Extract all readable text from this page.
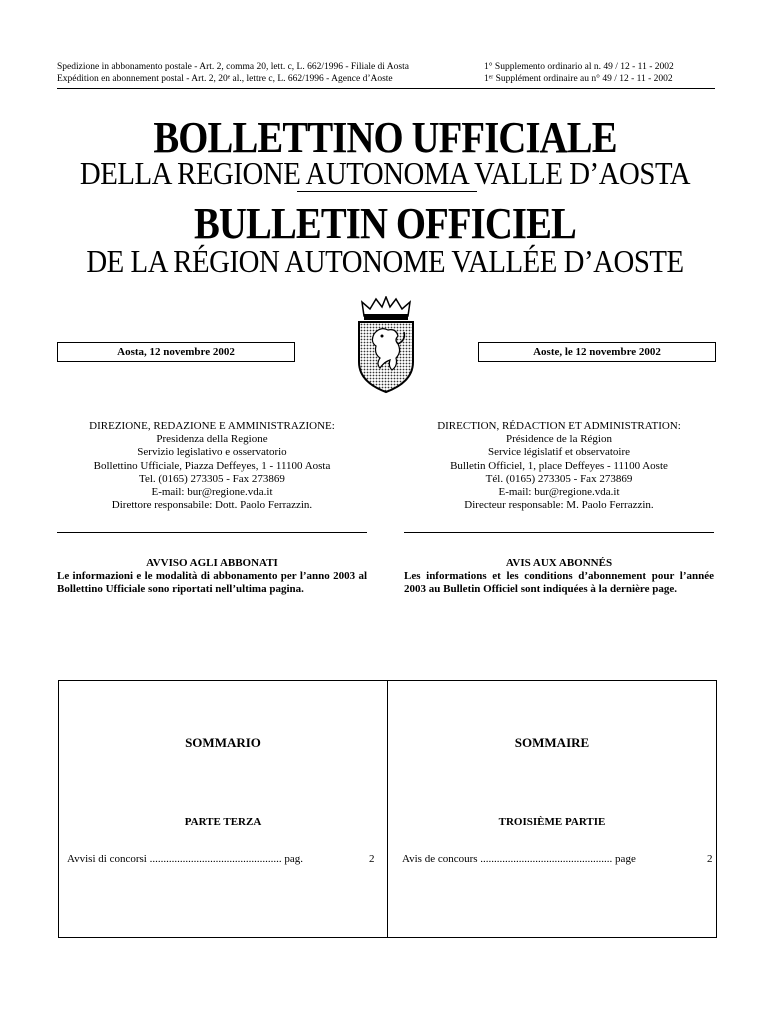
Spedizione in abbonamento postale - Art. 2, comma 20, lett. c, L. 662/1996 - Filiale di Aosta
Expédition en abonnement postal - Art. 2, 20ᵉ al., lettre c, L. 662/1996 - Agence d’Aoste
1° Supplemento ordinario al n. 49 / 12 - 11 - 2002
1ᵉʳ Supplément ordinaire au n° 49 / 12 - 11 - 2002
BOLLETTINO UFFICIALE
DELLA REGIONE AUTONOMA VALLE D’AOSTA
BULLETIN OFFICIEL
DE LA RÉGION AUTONOME VALLÉE D’AOSTE
Aosta, 12 novembre 2002	Aoste, le 12 novembre 2002
DIREZIONE, REDAZIONE E AMMINISTRAZIONE:
Presidenza della Regione
Servizio legislativo e osservatorio
Bollettino Ufficiale, Piazza Deffeyes, 1 - 11100 Aosta
Tel. (0165) 273305 - Fax 273869
E-mail: bur@regione.vda.it
Direttore responsabile: Dott. Paolo Ferrazzin.
DIRECTION, RÉDACTION ET ADMINISTRATION:
Présidence de la Région
Service législatif et observatoire
Bulletin Officiel, 1, place Deffeyes - 11100 Aoste
Tél. (0165) 273305 - Fax 273869
E-mail: bur@regione.vda.it
Directeur responsable: M. Paolo Ferrazzin.
AVVISO AGLI ABBONATI
Le informazioni e le modalità di abbonamento per l’anno 2003 al Bollettino Ufficiale sono riportati nell’ultima pagina.
AVIS AUX ABONNÉS
Les informations et les conditions d’abonnement pour l’année 2003 au Bulletin Officiel sont indiquées à la dernière page.
SOMMARIO
PARTE TERZA
Avvisi di concorsi ................................................ pag.	2
SOMMAIRE
TROISIÈME PARTIE
Avis de concours ................................................ page	2
